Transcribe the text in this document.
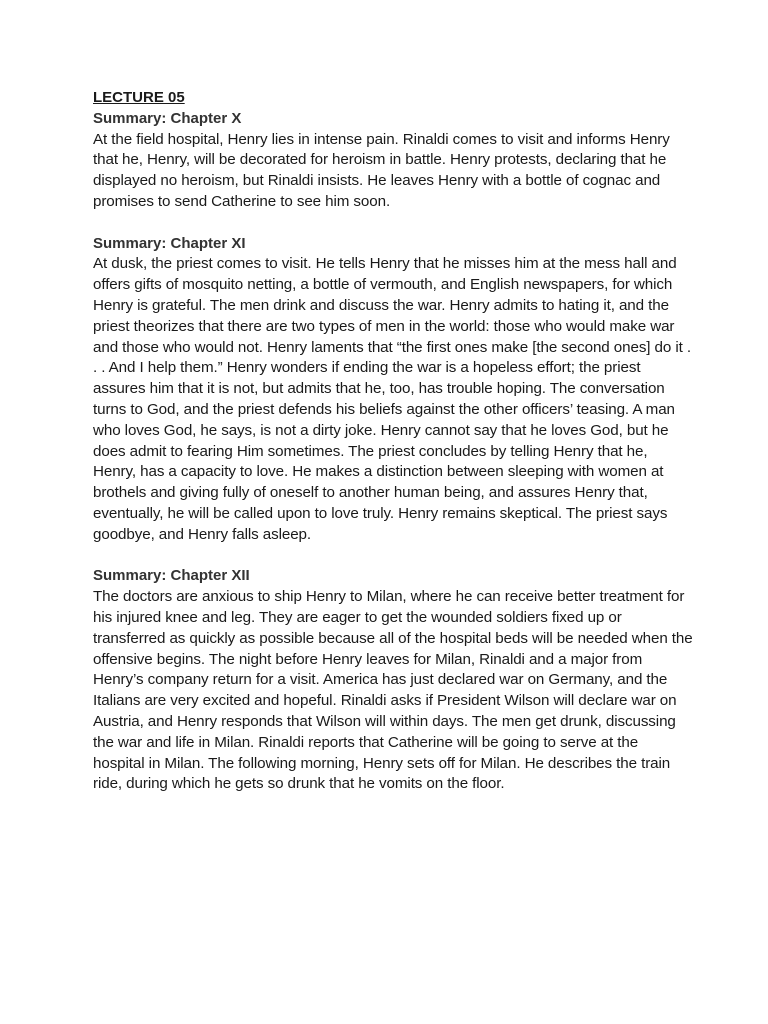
LECTURE 05

Summary: Chapter X

At the field hospital, Henry lies in intense pain. Rinaldi comes to visit and informs Henry that he, Henry, will be decorated for heroism in battle. Henry protests, declaring that he displayed no heroism, but Rinaldi insists. He leaves Henry with a bottle of cognac and promises to send Catherine to see him soon.

Summary: Chapter XI

At dusk, the priest comes to visit. He tells Henry that he misses him at the mess hall and offers gifts of mosquito netting, a bottle of vermouth, and English newspapers, for which Henry is grateful. The men drink and discuss the war. Henry admits to hating it, and the priest theorizes that there are two types of men in the world: those who would make war and those who would not. Henry laments that “the first ones make [the second ones] do it . . . And I help them.” Henry wonders if ending the war is a hopeless effort; the priest assures him that it is not, but admits that he, too, has trouble hoping. The conversation turns to God, and the priest defends his beliefs against the other officers’ teasing. A man who loves God, he says, is not a dirty joke. Henry cannot say that he loves God, but he does admit to fearing Him sometimes. The priest concludes by telling Henry that he, Henry, has a capacity to love. He makes a distinction between sleeping with women at brothels and giving fully of oneself to another human being, and assures Henry that, eventually, he will be called upon to love truly. Henry remains skeptical. The priest says goodbye, and Henry falls asleep.

Summary: Chapter XII

The doctors are anxious to ship Henry to Milan, where he can receive better treatment for his injured knee and leg. They are eager to get the wounded soldiers fixed up or transferred as quickly as possible because all of the hospital beds will be needed when the offensive begins. The night before Henry leaves for Milan, Rinaldi and a major from Henry’s company return for a visit. America has just declared war on Germany, and the Italians are very excited and hopeful. Rinaldi asks if President Wilson will declare war on Austria, and Henry responds that Wilson will within days. The men get drunk, discussing the war and life in Milan. Rinaldi reports that Catherine will be going to serve at the hospital in Milan. The following morning, Henry sets off for Milan. He describes the train ride, during which he gets so drunk that he vomits on the floor.
